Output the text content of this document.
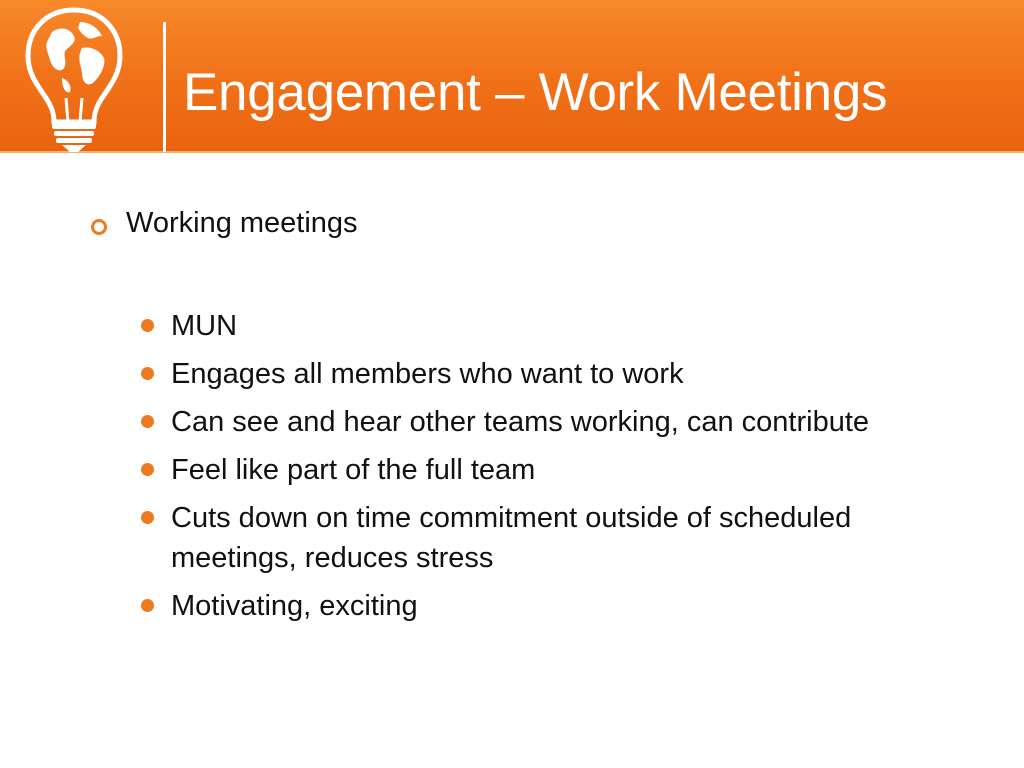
Engagement – Work Meetings
Working meetings
MUN
Engages all members who want to work
Can see and hear other teams working, can contribute
Feel like part of the full team
Cuts down on time commitment outside of scheduled meetings, reduces stress
Motivating, exciting
